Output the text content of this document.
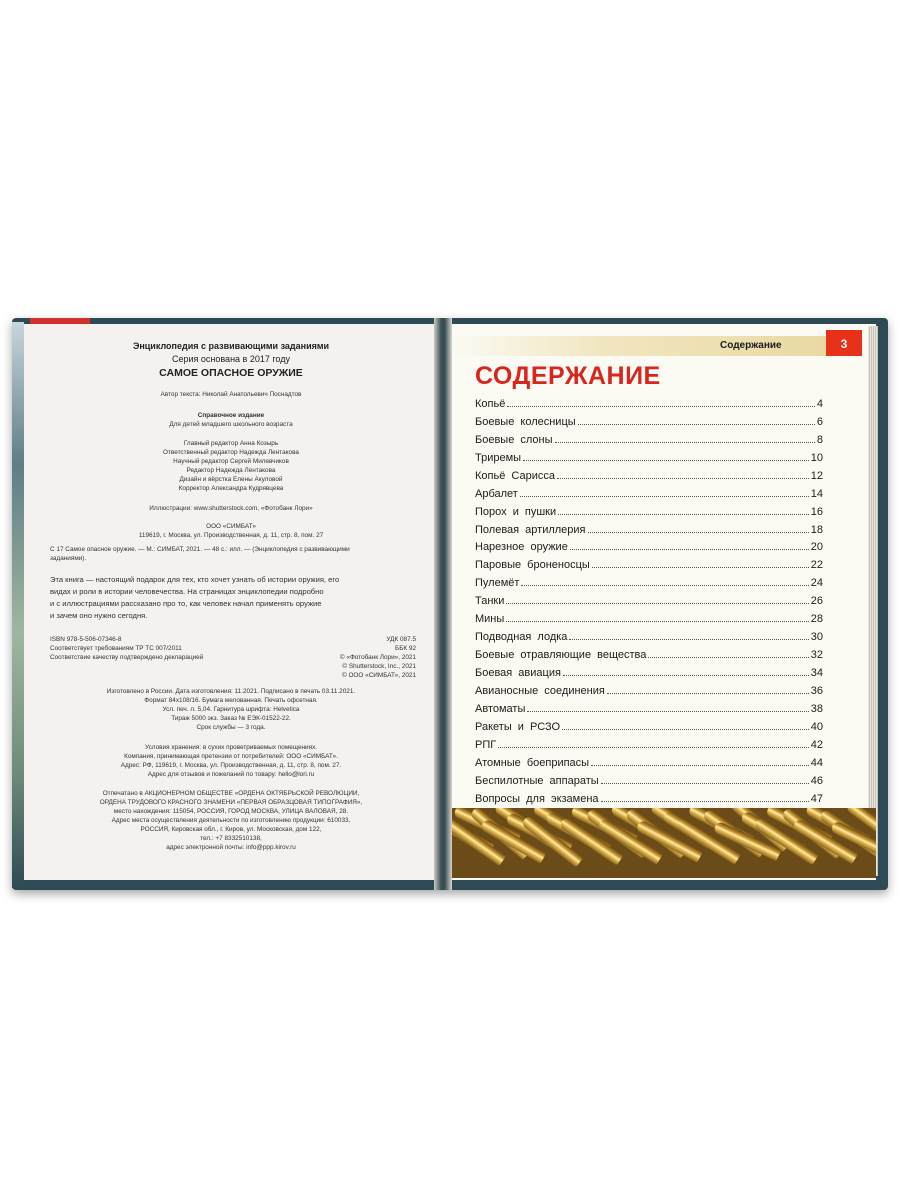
Энциклопедия с развивающими заданиями
Серия основана в 2017 году
САМОЕ ОПАСНОЕ ОРУЖИЕ
Автор текста: Николай Анатольевич Поснадтов
Справочное издание
Для детей младшего школьного возраста
Главный редактор Анна Козырь
Ответственный редактор Надежда Лентакова
Научный редактор Сергей Милевчиков
Редактор Надежда Лентакова
Дизайн и вёрстка Елены Акуловой
Корректор Александра Кудрявцева
Иллюстрации: www.shutterstock.com, «Фотобанк Лори»
ООО «СИМБАТ»
119619, г. Москва, ул. Производственная, д. 11, стр. 8, пом. 27
С 17 Самое опасное оружие. — М.: СИМБАТ, 2021. — 48 с.: илл. — (Энциклопедия с развивающими
заданиями).
Эта книга — настоящий подарок для тех, кто хочет узнать об истории оружия, его
видах и роли в истории человечества. На страницах энциклопедии подробно
и с иллюстрациями рассказано про то, как человек начал применять оружие
и зачем оно нужно сегодня.
ISBN 978-5-506-07346-8
Соответствует требованиям ТР ТС 007/2011
Соответствие качеству подтверждено декларацией
УДК 087.5
ББК 92
© «Фотобанк Лори», 2021
© Shutterstock, Inc., 2021
© ООО «СИМБАТ», 2021
Изготовлено в России. Дата изготовления: 11.2021. Подписано в печать 03.11.2021.
Формат 84х108/16. Бумага мелованная. Печать офсетная.
Усл. печ. л. 5,04. Гарнитура шрифта: Helvetica
Тираж 5000 экз. Заказ № ЕЭК-01522-22.
Срок службы — 3 года.
Условия хранения: в сухих проветриваемых помещениях.
Компания, принимающая претензии от потребителей: ООО «СИМБАТ».
Адрес: РФ, 119619, г. Москва, ул. Производственная, д. 11, стр. 8, пом. 27.
Адрес для отзывов и пожеланий по товару: hello@lori.ru
Отпечатано в АКЦИОНЕРНОМ ОБЩЕСТВЕ «ОРДЕНА ОКТЯБРЬСКОЙ РЕВОЛЮЦИИ,
ОРДЕНА ТРУДОВОГО КРАСНОГО ЗНАМЕНИ «ПЕРВАЯ ОБРАЗЦОВАЯ ТИПОГРАФИЯ»,
место нахождения: 115054, РОССИЯ, ГОРОД МОСКВА, УЛИЦА ВАЛОВАЯ, 28.
Адрес места осуществления деятельности по изготовлению продукции: 610033,
РОССИЯ, Кировская обл., г. Киров, ул. Московская, дом 122,
тел.: +7 8332510138,
адрес электронной почты: info@ppp.kirov.ru
Содержание	3
СОДЕРЖАНИЕ
Копьё	4
Боевые колесницы	6
Боевые слоны	8
Триремы	10
Копьё Сарисса	12
Арбалет	14
Порох и пушки	16
Полевая артиллерия	18
Нарезное оружие	20
Паровые броненосцы	22
Пулемёт	24
Танки	26
Мины	28
Подводная лодка	30
Боевые отравляющие вещества	32
Боевая авиация	34
Авианосные соединения	36
Автоматы	38
Ракеты и РСЗО	40
РПГ	42
Атомные боеприпасы	44
Беспилотные аппараты	46
Вопросы для экзамена	47
